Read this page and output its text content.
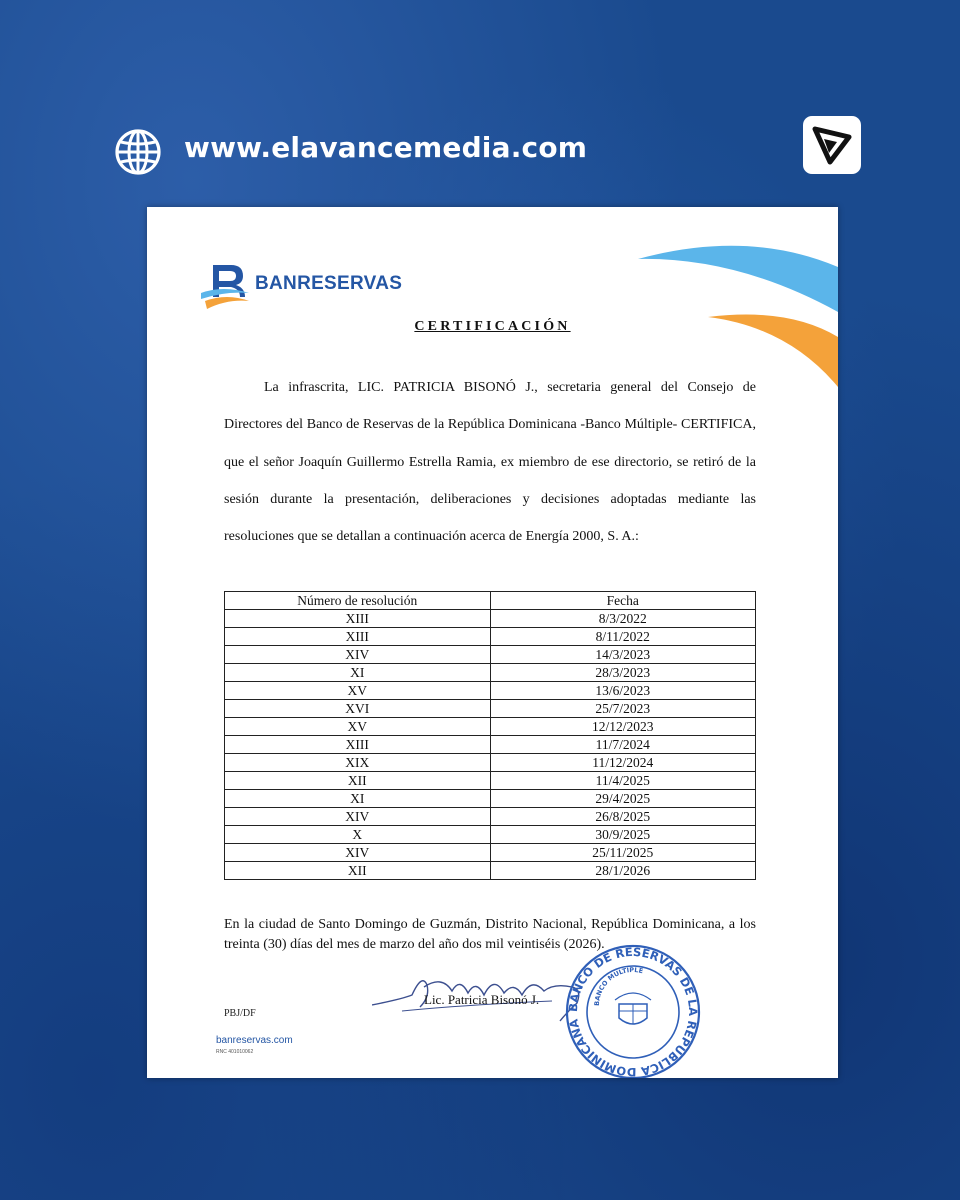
www.elavancemedia.com
BANRESERVAS
CERTIFICACIÓN
La infrascrita, LIC. PATRICIA BISONÓ J., secretaria general del Consejo de Directores del Banco de Reservas de la República Dominicana -Banco Múltiple- CERTIFICA, que el señor Joaquín Guillermo Estrella Ramia, ex miembro de ese directorio, se retiró de la sesión durante la presentación, deliberaciones y decisiones adoptadas mediante las resoluciones que se detallan a continuación acerca de Energía 2000, S. A.:
Número de resolución	Fecha
XIII	8/3/2022
XIII	8/11/2022
XIV	14/3/2023
XI	28/3/2023
XV	13/6/2023
XVI	25/7/2023
XV	12/12/2023
XIII	11/7/2024
XIX	11/12/2024
XII	11/4/2025
XI	29/4/2025
XIV	26/8/2025
X	30/9/2025
XIV	25/11/2025
XII	28/1/2026
En la ciudad de Santo Domingo de Guzmán, Distrito Nacional, República Dominicana, a los treinta (30) días del mes de marzo del año dos mil veintiséis (2026).
Lic. Patricia Bisonó J.
BANCO DE RESERVAS DE LA REPUBLICA DOMINICANA
BANCO MULTIPLE
PBJ/DF
banreservas.com
RNC 401010062
